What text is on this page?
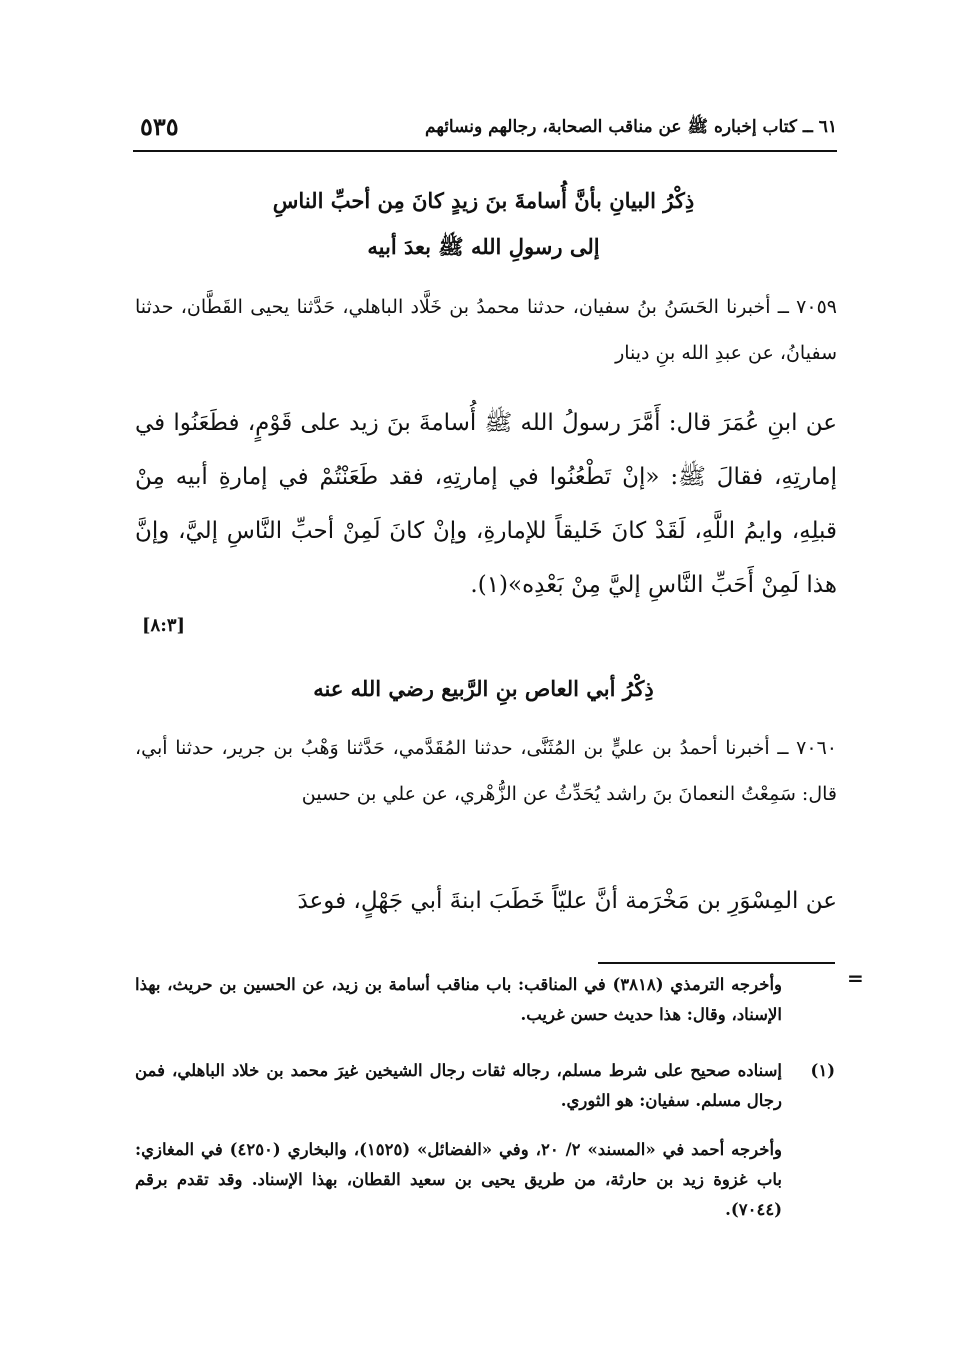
٥٣٥	٦١ ــ كتاب إخباره ﷺ عن مناقب الصحابة، رجالهم ونسائهم
ذِكْرُ البيانِ بأنَّ أُسامةَ بنَ زيدٍ كانَ مِن أحبِّ الناسِ
إلى رسولِ الله ﷺ بعدَ أبيه
٧٠٥٩ ــ أخبرنا الحَسَنُ بنُ سفيان، حدثنا محمدُ بن خَلَّاد الباهلي، حَدَّثنا يحيى القَطَّان، حدثنا سفيانُ، عن عبدِ الله بنِ دينار
عن ابنِ عُمَرَ قال: أَمَّرَ رسولُ الله ﷺ أُسامةَ بنَ زيد على قَوْمٍ، فطَعَنُوا في إمارتِهِ، فقالَ ﷺ: «إنْ تَطْعُنُوا في إمارتِهِ، فقد طَعَنْتُمْ في إمارةِ أبيه مِنْ قبلِهِ، وايمُ اللَّهِ، لَقَدْ كانَ خَليقاً للإمارةِ، وإنْ كانَ لَمِنْ أحبِّ النَّاسِ إليَّ، وإنَّ هذا لَمِنْ أَحَبِّ النَّاسِ إليَّ مِنْ بَعْدِه»(١).
[٨:٣]
ذِكْرُ أبي العاص بنِ الرَّبيع رضي الله عنه
٧٠٦٠ ــ أخبرنا أحمدُ بن عليٍّ بن المُثَنَّى، حدثنا المُقَدَّمي، حَدَّثنا وَهْبُ بن جرير، حدثنا أبي، قال: سَمِعْتُ النعمانَ بنَ راشد يُحَدِّثُ عن الزُّهْري، عن علي بن حسين
عن المِسْوَرِ بن مَخْرَمة أنَّ عليّاً خَطَبَ ابنةَ أبي جَهْلٍ، فوعدَ
=
وأخرجه الترمذي (٣٨١٨) في المناقب: باب مناقب أسامة بن زيد، عن الحسين بن حريث، بهذا الإسناد، وقال: هذا حديث حسن غريب.
(١)
إسناده صحيح على شرط مسلم، رجاله ثقات رجال الشيخين غيرَ محمد بن خلاد الباهلي، فمن رجال مسلم. سفيان: هو الثوري.
وأخرجه أحمد في «المسند» ٢/ ٢٠، وفي «الفضائل» (١٥٢٥)، والبخاري (٤٢٥٠) في المغازي: باب غزوة زيد بن حارثة، من طريق يحيى بن سعيد القطان، بهذا الإسناد. وقد تقدم برقم (٧٠٤٤).
